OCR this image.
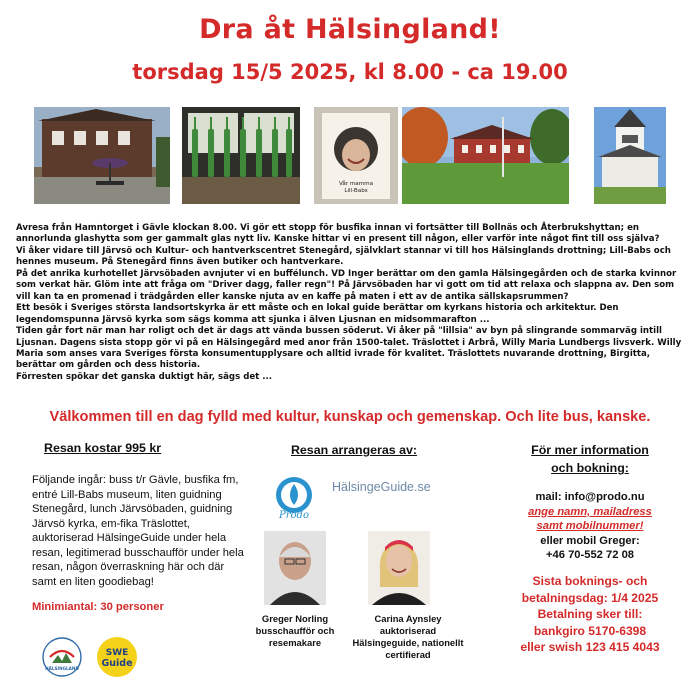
Dra åt Hälsingland!
torsdag 15/5 2025, kl 8.00 - ca 19.00
Vår mamma
Lill-Babs

Avresa från Hamntorget i Gävle klockan 8.00. Vi gör ett stopp för busfika innan vi fortsätter till Bollnäs och Återbrukshyttan; en annorlunda glashytta som ger gammalt glas nytt liv. Kanske hittar vi en present till någon, eller varför inte något fint till oss själva?

Vi åker vidare till Järvsö och Kultur- och hantverkscentret Stenegård, självklart stannar vi till hos Hälsinglands drottning; Lill-Babs och hennes museum. På Stenegård finns även butiker och hantverkare.

På det anrika kurhotellet Järvsöbaden avnjuter vi en buffélunch. VD Inger berättar om den gamla Hälsingegården och de starka kvinnor som verkat här. Glöm inte att fråga om "Driver dagg, faller regn"! På Järvsöbaden har vi gott om tid att relaxa och slappna av. Den som vill kan ta en promenad i trädgården eller kanske njuta av en kaffe på maten i ett av de antika sällskapsrummen?

Ett besök i Sveriges största landsortskyrka är ett måste och en lokal guide berättar om kyrkans historia och arkitektur. Den legendomspunna Järvsö kyrka som sägs komma att sjunka i älven Ljusnan en midsommarafton ...

Tiden går fort när man har roligt och det är dags att vända bussen söderut. Vi åker på "lillsia" av byn på slingrande sommarväg intill Ljusnan. Dagens sista stopp gör vi på en Hälsingegård med anor från 1500-talet. Träslottet i Arbrå, Willy Maria Lundbergs livsverk. Willy Maria som anses vara Sveriges första konsumentupplysare och alltid ivrade för kvalitet. Träslottets nuvarande drottning, Birgitta, berättar om gården och dess historia.

Förresten spökar det ganska duktigt här, sägs det ...

Välkommen till en dag fylld med kultur, kunskap och gemenskap. Och lite bus, kanske.
Resan kostar 995 kr	Resan arrangeras av:	För mer information
och bokning:
Följande ingår: buss t/r Gävle, busfika fm, entré Lill-Babs museum, liten guidning Stenegård, lunch Järvsöbaden, guidning Järvsö kyrka, em-fika Träslottet, auktoriserad HälsingeGuide under hela resan, legitimerad busschaufför under hela resan, någon överraskning här och där samt en liten goodiebag!
Minimiantal: 30 personer
Prodo
HälsingeGuide.se
Greger Norling
busschaufför och resemakare
Carina Aynsley
auktoriserad Hälsingeguide, nationellt certifierad
mail: info@prodo.nu
ange namn, mailadress
samt mobilnummer!
eller mobil Greger:
+46 70-552 72 08
Sista boknings- och
betalningsdag: 1/4 2025
Betalning sker till:
bankgiro 5170-6398
eller swish 123 415 4043
HÄLSINGLAND
SWE
Guide
